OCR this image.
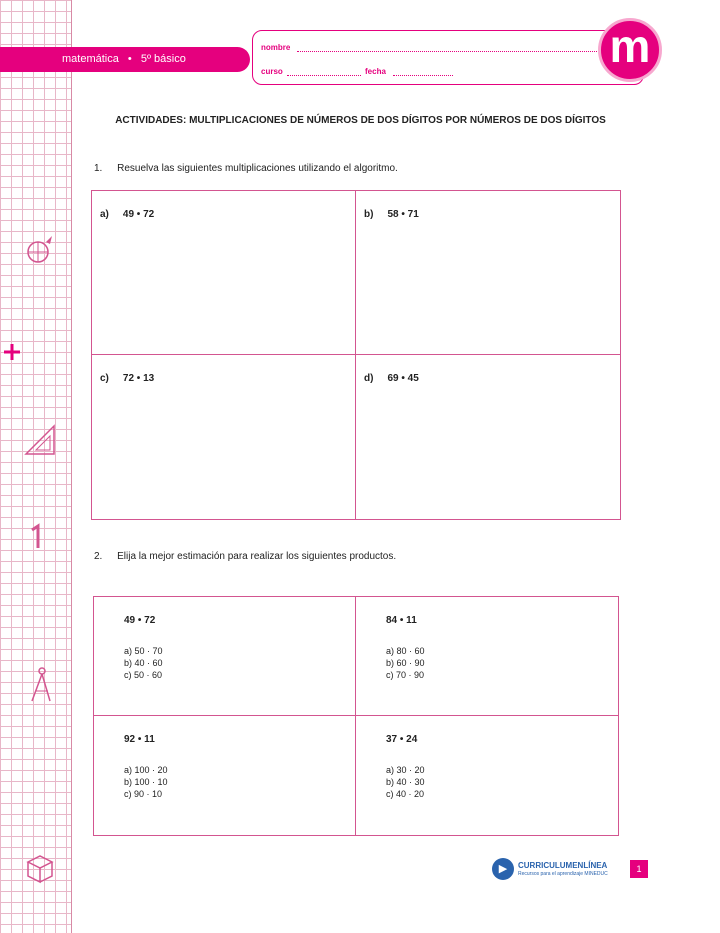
matemática • 5º básico
nombre
curso	fecha	m
ACTIVIDADES: MULTIPLICACIONES DE NÚMEROS DE DOS DÍGITOS POR NÚMEROS DE DOS DÍGITOS
1. Resuelva las siguientes multiplicaciones utilizando el algoritmo.
a) 49 • 72	b) 58 • 71
c) 72 • 13	d) 69 • 45
2. Elija la mejor estimación para realizar los siguientes productos.
49 • 72
a) 50 · 70
b) 40 · 60
c) 50 · 60
84 • 11
a) 80 · 60
b) 60 · 90
c) 70 · 90
92 • 11
a) 100 · 20
b) 100 · 10
c) 90 · 10
37 • 24
a) 30 · 20
b) 40 · 30
c) 40 · 20
▶	CURRICULUMENLÍNEA
Recursos para el aprendizaje MINEDUC	1
